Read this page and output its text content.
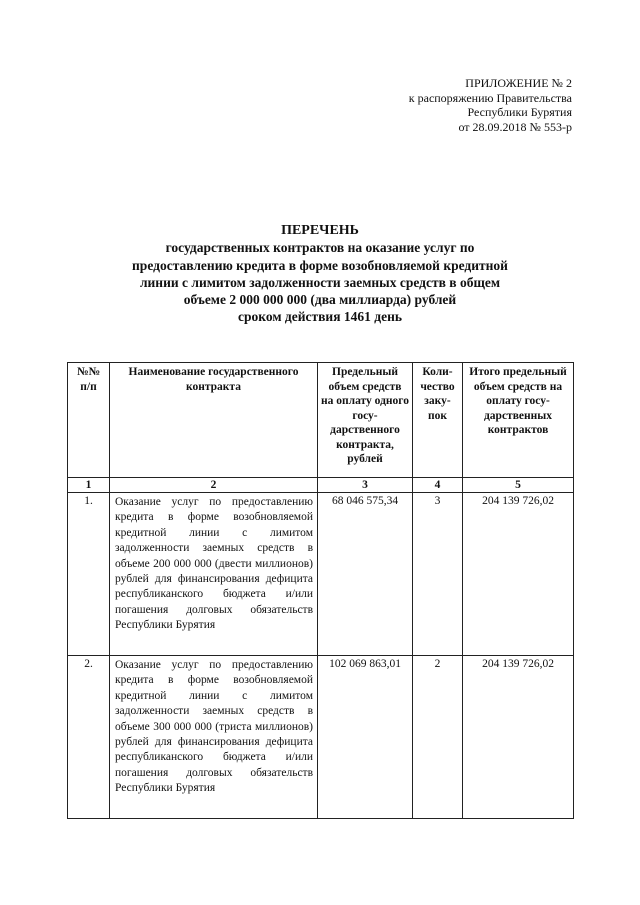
ПРИЛОЖЕНИЕ № 2
к распоряжению Правительства
Республики Бурятия
от 28.09.2018 № 553-р
ПЕРЕЧЕНЬ
государственных контрактов на оказание услуг по
предоставлению кредита в форме возобновляемой кредитной
линии с лимитом задолженности заемных средств в общем
объеме 2 000 000 000 (два миллиарда) рублей
сроком действия 1461 день
№№ п/п	Наименование государственного контракта	Предельный объем средств на оплату одного госу- дарственного контракта, рублей	Коли- чество заку- пок	Итого предельный объем средств на оплату госу- дарственных контрактов

1	2	3	4	5
1.	Оказание услуг по предоставлению кредита в форме возобновляемой кредитной линии с лимитом задолженности заемных средств в объеме 200 000 000 (двести миллионов) рублей для финансирования дефицита республиканского бюджета и/или погашения долговых обязательств Республики Бурятия	68 046 575,34	3	204 139 726,02
2.	Оказание услуг по предоставлению кредита в форме возобновляемой кредитной линии с лимитом задолженности заемных средств в объеме 300 000 000 (триста миллионов) рублей для финансирования дефицита республиканского бюджета и/или погашения долговых обязательств Республики Бурятия	102 069 863,01	2	204 139 726,02
